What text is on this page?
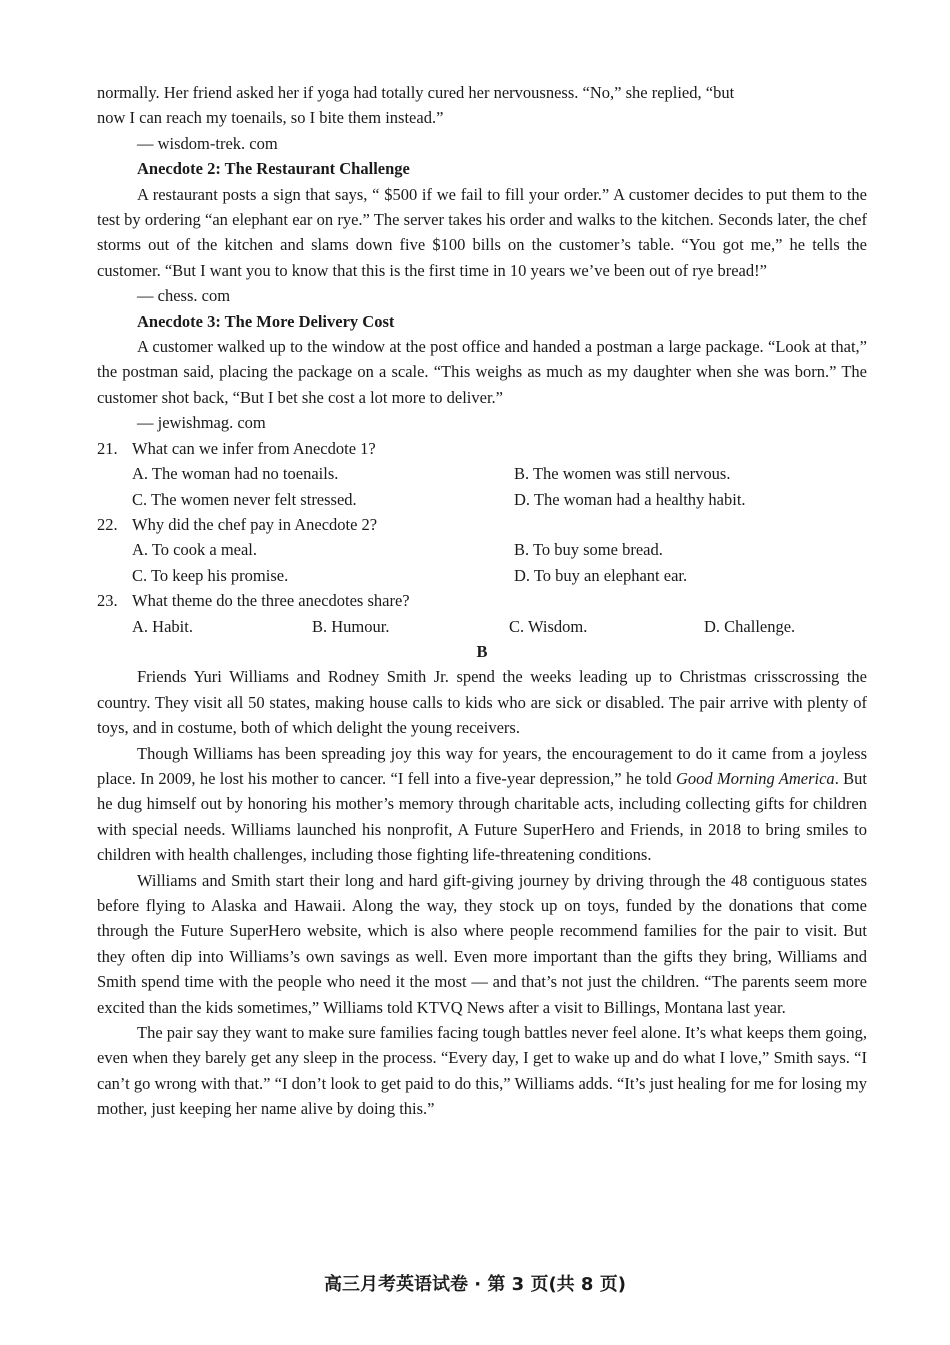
normally. Her friend asked her if yoga had totally cured her nervousness. “No,” she replied, “but
now I can reach my toenails, so I bite them instead.”

— wisdom-trek. com

Anecdote 2: The Restaurant Challenge

A restaurant posts a sign that says, “ $500 if we fail to fill your order.” A customer decides to put them to the test by ordering “an elephant ear on rye.” The server takes his order and walks to the kitchen. Seconds later, the chef storms out of the kitchen and slams down five $100 bills on the customer’s table. “You got me,” he tells the customer. “But I want you to know that this is the first time in 10 years we’ve been out of rye bread!”

— chess. com

Anecdote 3: The More Delivery Cost

A customer walked up to the window at the post office and handed a postman a large package. “Look at that,” the postman said, placing the package on a scale. “This weighs as much as my daughter when she was born.” The customer shot back, “But I bet she cost a lot more to deliver.”

— jewishmag. com

21. What can we infer from Anecdote 1?

A. The woman had no toenails.	B. The women was still nervous.
C. The women never felt stressed.	D. The woman had a healthy habit.

22. Why did the chef pay in Anecdote 2?

A. To cook a meal.	B. To buy some bread.
C. To keep his promise.	D. To buy an elephant ear.

23. What theme do the three anecdotes share?

A. Habit.	B. Humour.	C. Wisdom.	D. Challenge.

B

Friends Yuri Williams and Rodney Smith Jr. spend the weeks leading up to Christmas crisscrossing the country. They visit all 50 states, making house calls to kids who are sick or disabled. The pair arrive with plenty of toys, and in costume, both of which delight the young receivers.

Though Williams has been spreading joy this way for years, the encouragement to do it came from a joyless place. In 2009, he lost his mother to cancer. “I fell into a five-year depression,” he told Good Morning America. But he dug himself out by honoring his mother’s memory through charitable acts, including collecting gifts for children with special needs. Williams launched his nonprofit, A Future SuperHero and Friends, in 2018 to bring smiles to children with health challenges, including those fighting life-threatening conditions.

Williams and Smith start their long and hard gift-giving journey by driving through the 48 contiguous states before flying to Alaska and Hawaii. Along the way, they stock up on toys, funded by the donations that come through the Future SuperHero website, which is also where people recommend families for the pair to visit. But they often dip into Williams’s own savings as well. Even more important than the gifts they bring, Williams and Smith spend time with the people who need it the most — and that’s not just the children. “The parents seem more excited than the kids sometimes,” Williams told KTVQ News after a visit to Billings, Montana last year.

The pair say they want to make sure families facing tough battles never feel alone. It’s what keeps them going, even when they barely get any sleep in the process. “Every day, I get to wake up and do what I love,” Smith says. “I can’t go wrong with that.” “I don’t look to get paid to do this,” Williams adds. “It’s just healing for me for losing my mother, just keeping her name alive by doing this.”

高三月考英语试卷 · 第 3 页(共 8 页)
